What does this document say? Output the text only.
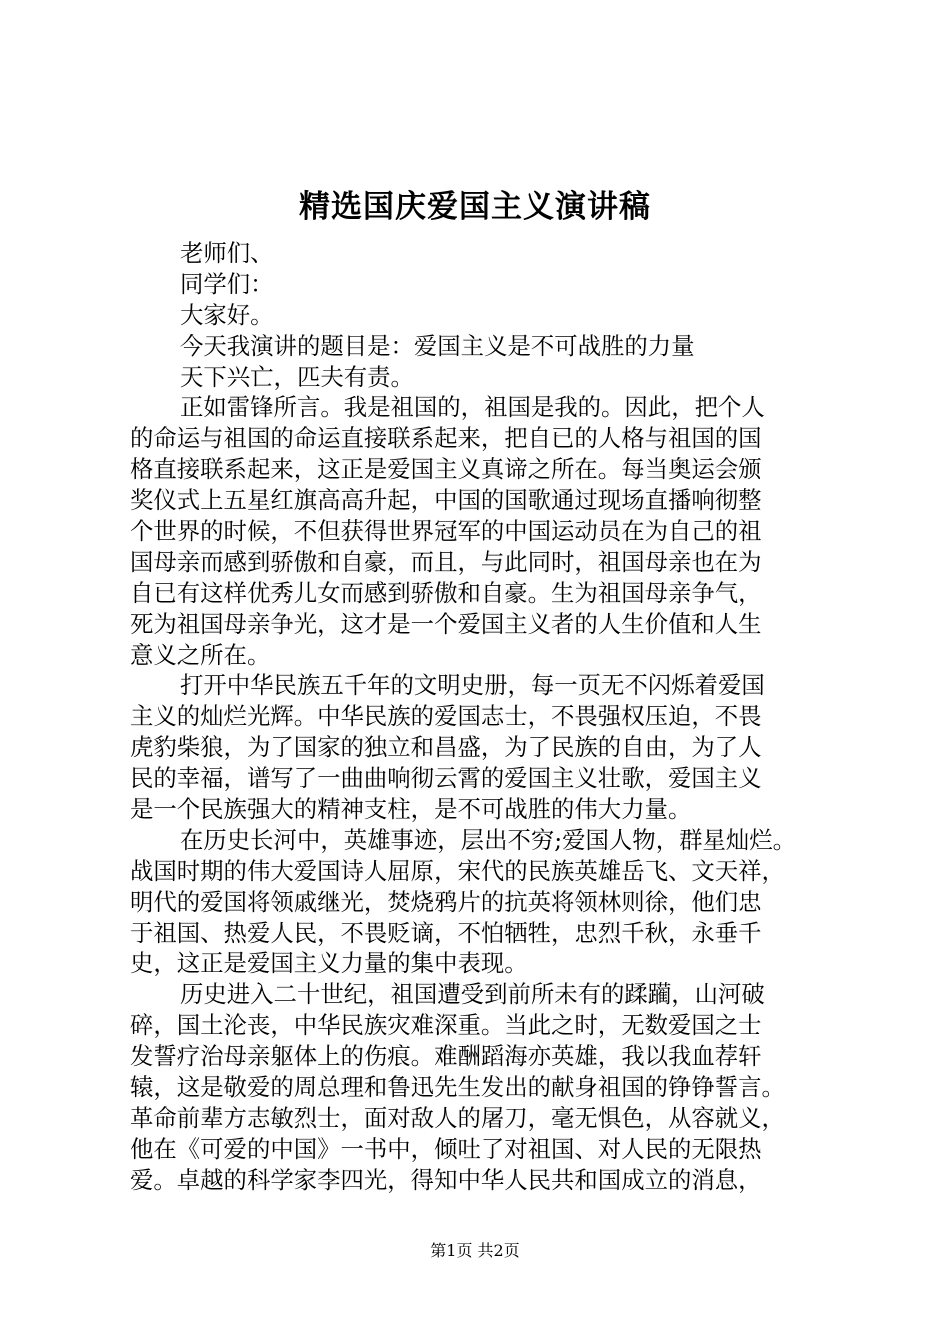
精选国庆爱国主义演讲稿
老师们、
同学们：
大家好。
今天我演讲的题目是：爱国主义是不可战胜的力量
天下兴亡，匹夫有责。
正如雷锋所言。我是祖国的，祖国是我的。因此，把个人
的命运与祖国的命运直接联系起来，把自已的人格与祖国的国
格直接联系起来，这正是爱国主义真谛之所在。每当奥运会颁
奖仪式上五星红旗高高升起，中国的国歌通过现场直播响彻整
个世界的时候，不但获得世界冠军的中国运动员在为自己的祖
国母亲而感到骄傲和自豪，而且，与此同时，祖国母亲也在为
自已有这样优秀儿女而感到骄傲和自豪。生为祖国母亲争气，
死为祖国母亲争光，这才是一个爱国主义者的人生价值和人生
意义之所在。
打开中华民族五千年的文明史册，每一页无不闪烁着爱国
主义的灿烂光辉。中华民族的爱国志士，不畏强权压迫，不畏
虎豹柴狼，为了国家的独立和昌盛，为了民族的自由，为了人
民的幸福，谱写了一曲曲响彻云霄的爱国主义壮歌，爱国主义
是一个民族强大的精神支柱，是不可战胜的伟大力量。
在历史长河中，英雄事迹，层出不穷;爱国人物，群星灿烂。
战国时期的伟大爱国诗人屈原，宋代的民族英雄岳飞、文天祥，
明代的爱国将领戚继光，焚烧鸦片的抗英将领林则徐，他们忠
于祖国、热爱人民，不畏贬谪，不怕牺牲，忠烈千秋，永垂千
史，这正是爱国主义力量的集中表现。
历史进入二十世纪，祖国遭受到前所未有的蹂躏，山河破
碎，国土沦丧，中华民族灾难深重。当此之时，无数爱国之士
发誓疗治母亲躯体上的伤痕。难酬蹈海亦英雄，我以我血荐轩
辕，这是敬爱的周总理和鲁迅先生发出的献身祖国的铮铮誓言。
革命前辈方志敏烈士，面对敌人的屠刀，毫无惧色，从容就义，
他在《可爱的中国》一书中，倾吐了对祖国、对人民的无限热
爱。卓越的科学家李四光，得知中华人民共和国成立的消息，
第1页 共2页
